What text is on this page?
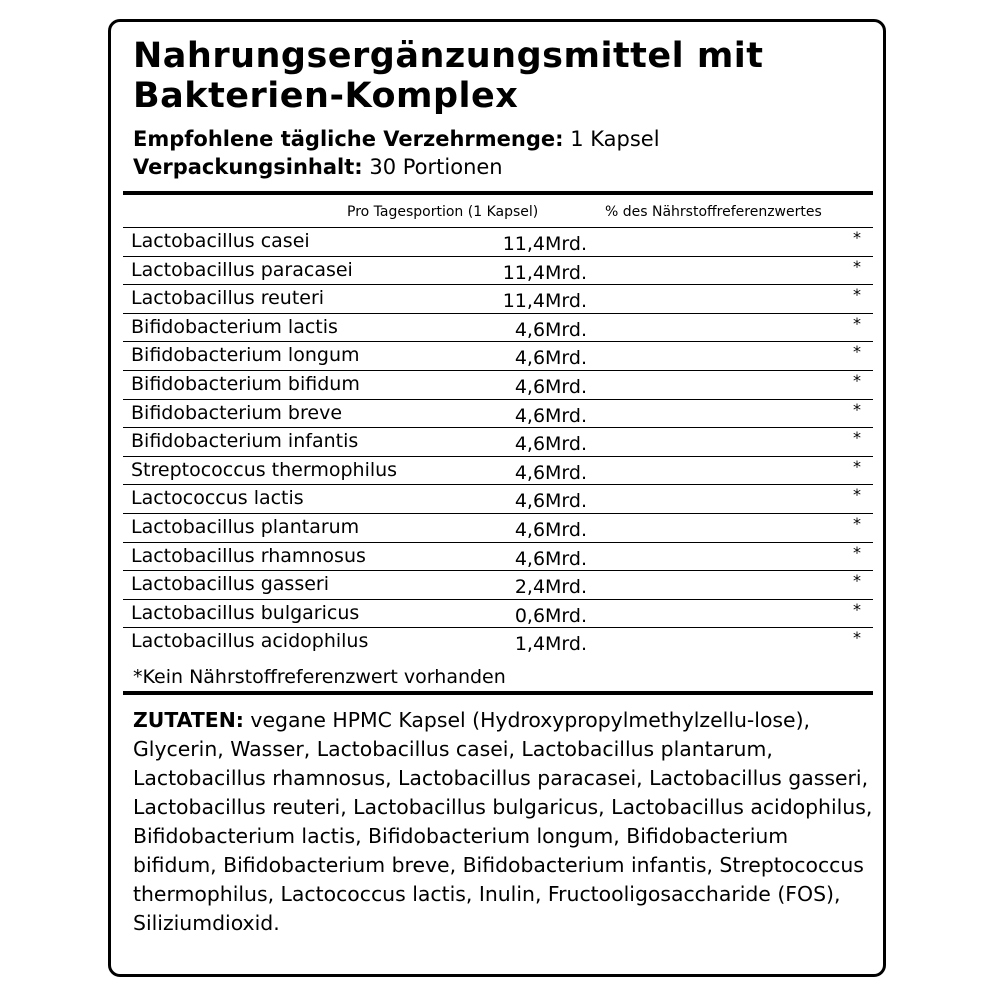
Nahrungsergänzungsmittel mit Bakterien-Komplex
Empfohlene tägliche Verzehrmenge: 1 Kapsel
Verpackungsinhalt: 30 Portionen
Pro Tagesportion (1 Kapsel)	% des Nährstoffreferenzwertes
Lactobacillus casei	11,4Mrd.	*
Lactobacillus paracasei	11,4Mrd.	*
Lactobacillus reuteri	11,4Mrd.	*
Bifidobacterium lactis	4,6Mrd.	*
Bifidobacterium longum	4,6Mrd.	*
Bifidobacterium bifidum	4,6Mrd.	*
Bifidobacterium breve	4,6Mrd.	*
Bifidobacterium infantis	4,6Mrd.	*
Streptococcus thermophilus	4,6Mrd.	*
Lactococcus lactis	4,6Mrd.	*
Lactobacillus plantarum	4,6Mrd.	*
Lactobacillus rhamnosus	4,6Mrd.	*
Lactobacillus gasseri	2,4Mrd.	*
Lactobacillus bulgaricus	0,6Mrd.	*
Lactobacillus acidophilus	1,4Mrd.	*
*Kein Nährstoffreferenzwert vorhanden

ZUTATEN: vegane HPMC Kapsel (Hydroxypropylmethylzellu-lose), Glycerin, Wasser, Lactobacillus casei, Lactobacillus plantarum, Lactobacillus rhamnosus, Lactobacillus paracasei, Lactobacillus gasseri, Lactobacillus reuteri, Lactobacillus bulgaricus, Lactobacillus acidophilus, Bifidobacterium lactis, Bifidobacterium longum, Bifidobacterium bifidum, Bifidobacterium breve, Bifidobacterium infantis, Streptococcus thermophilus, Lactococcus lactis, Inulin, Fructooligosaccharide (FOS), Siliziumdioxid.
